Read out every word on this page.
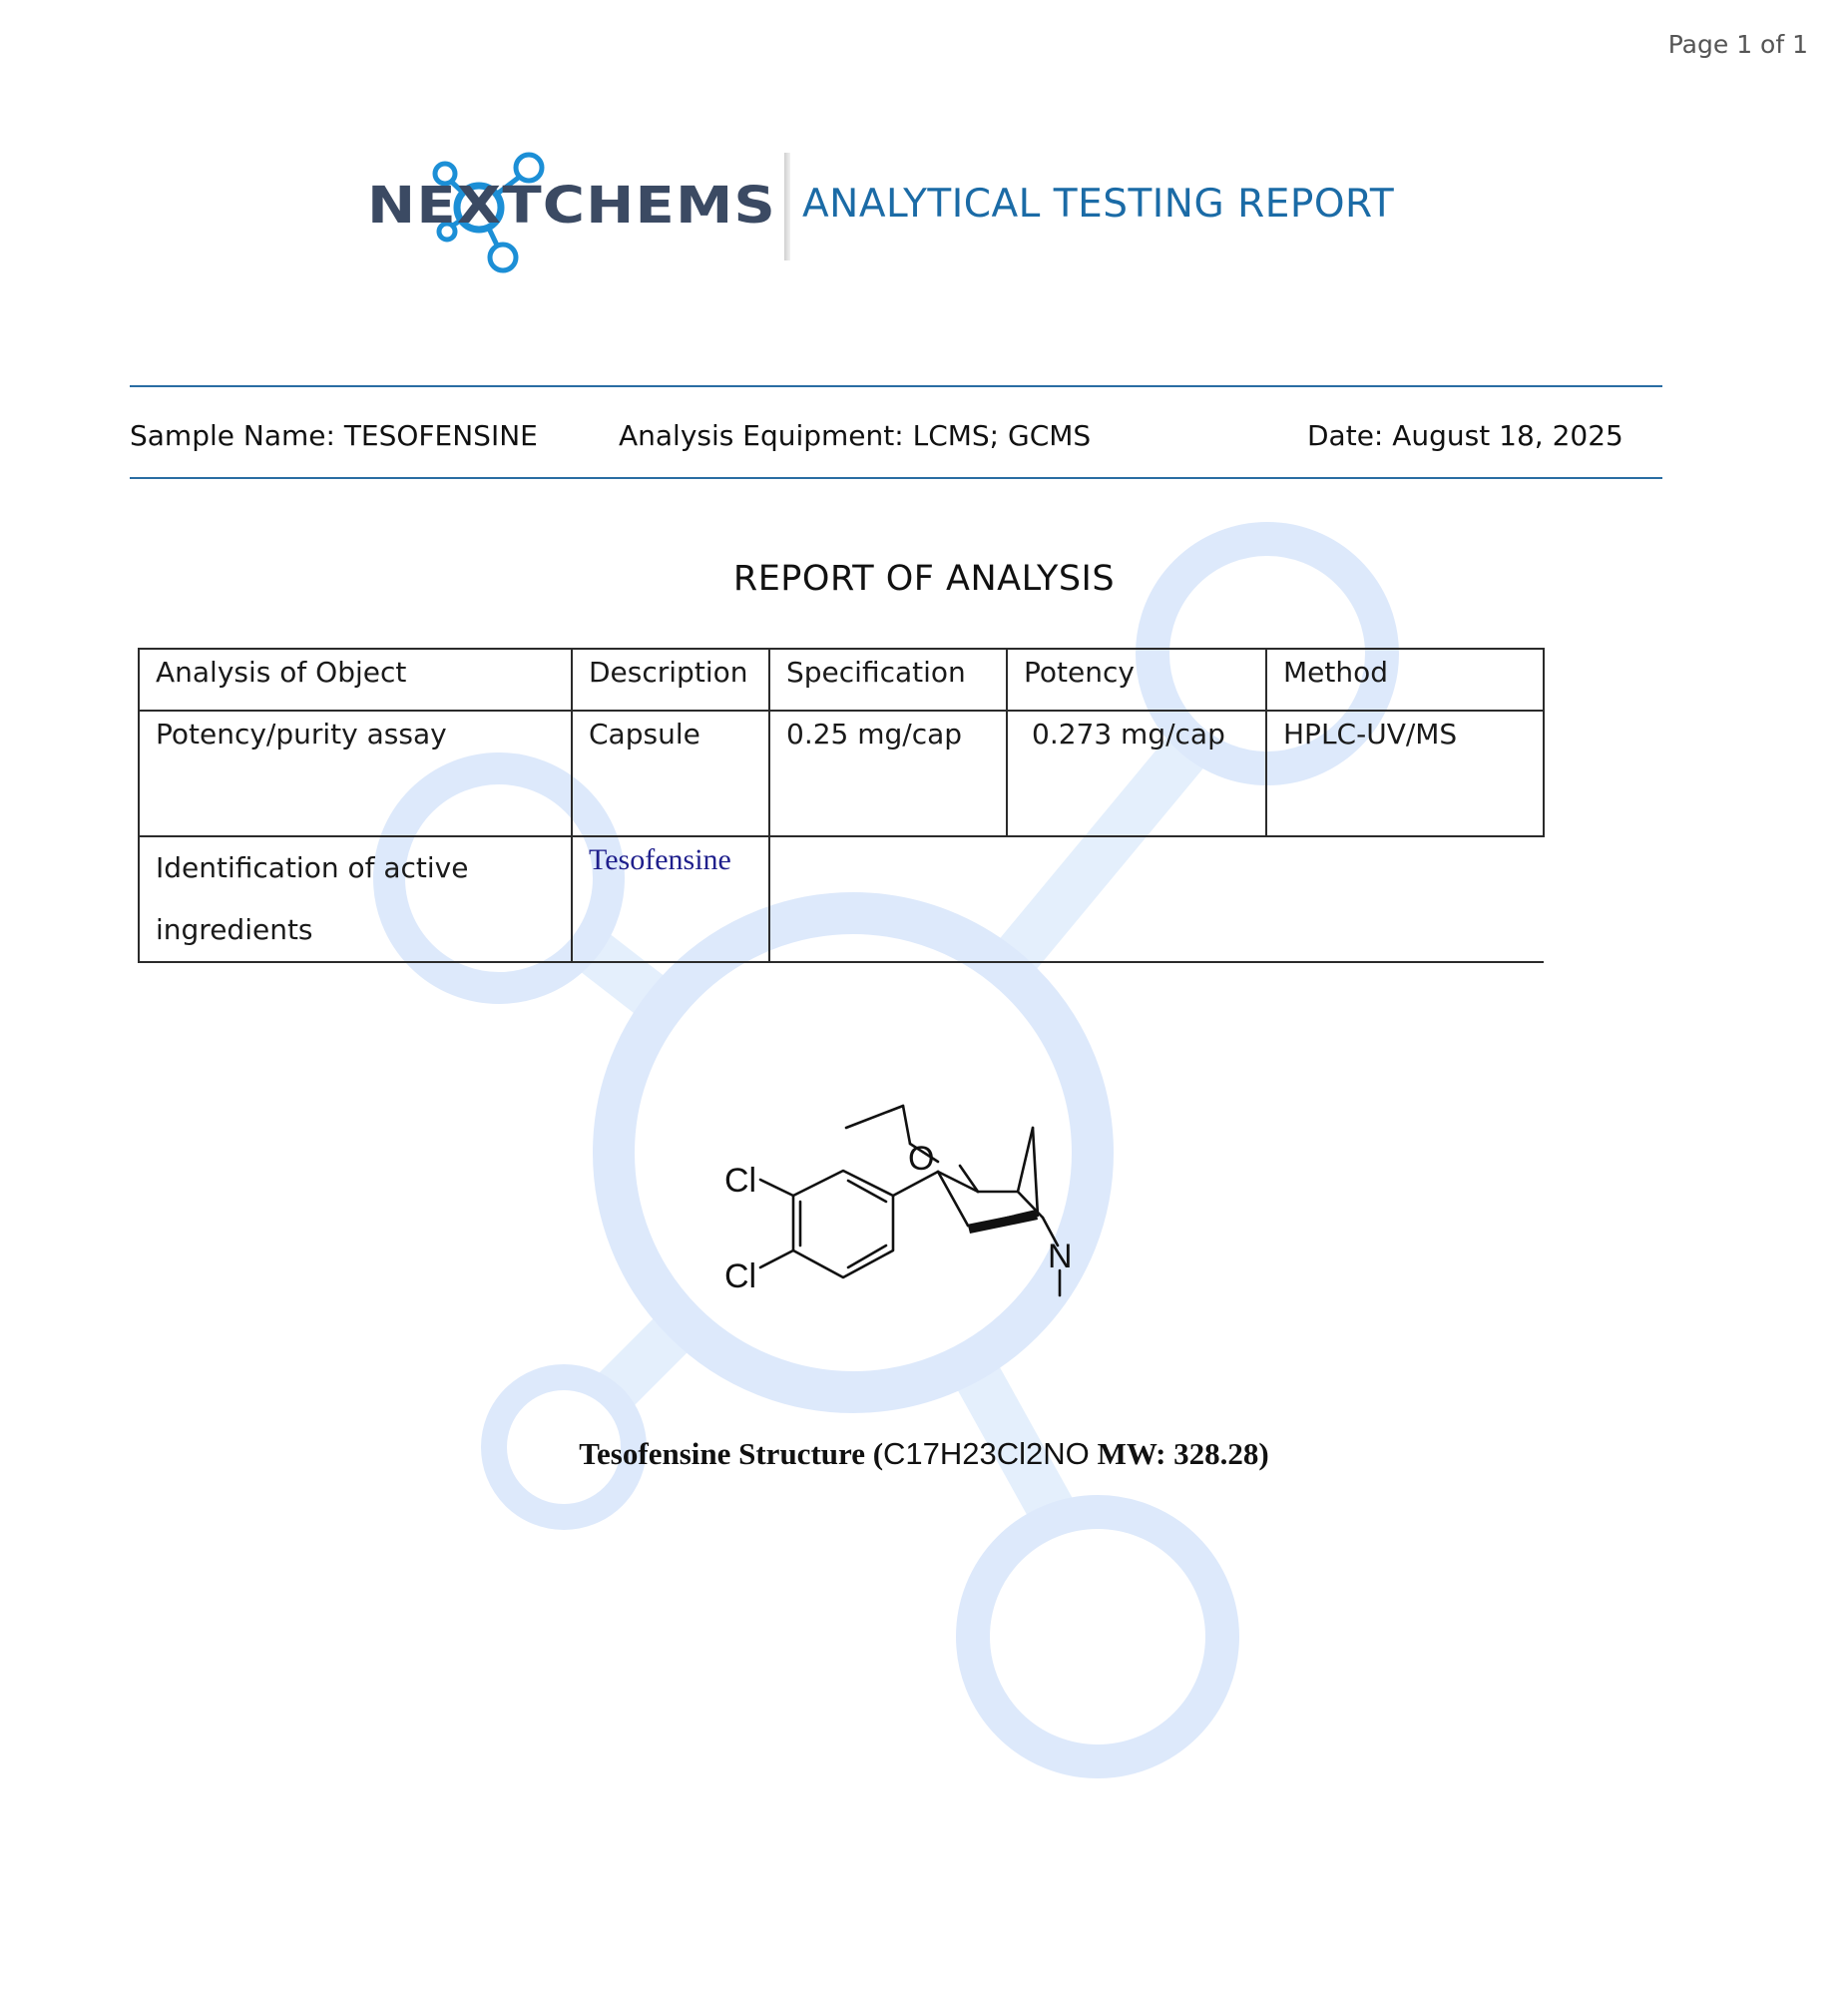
Page 1 of 1
NEXTCHEMS ANALYTICAL TESTING REPORT
Sample Name: TESOFENSINE	Analysis Equipment: LCMS; GCMS	Date: August 18, 2025
REPORT OF ANALYSIS
Analysis of Object	Description	Specification	Potency	Method
Potency/purity assay	Capsule	0.25 mg/cap	0.273 mg/cap	HPLC-UV/MS
Identification of active ingredients	Tesofensine			
Cl
Cl
O
N
Tesofensine Structure (C17H23Cl2NO MW: 328.28)
